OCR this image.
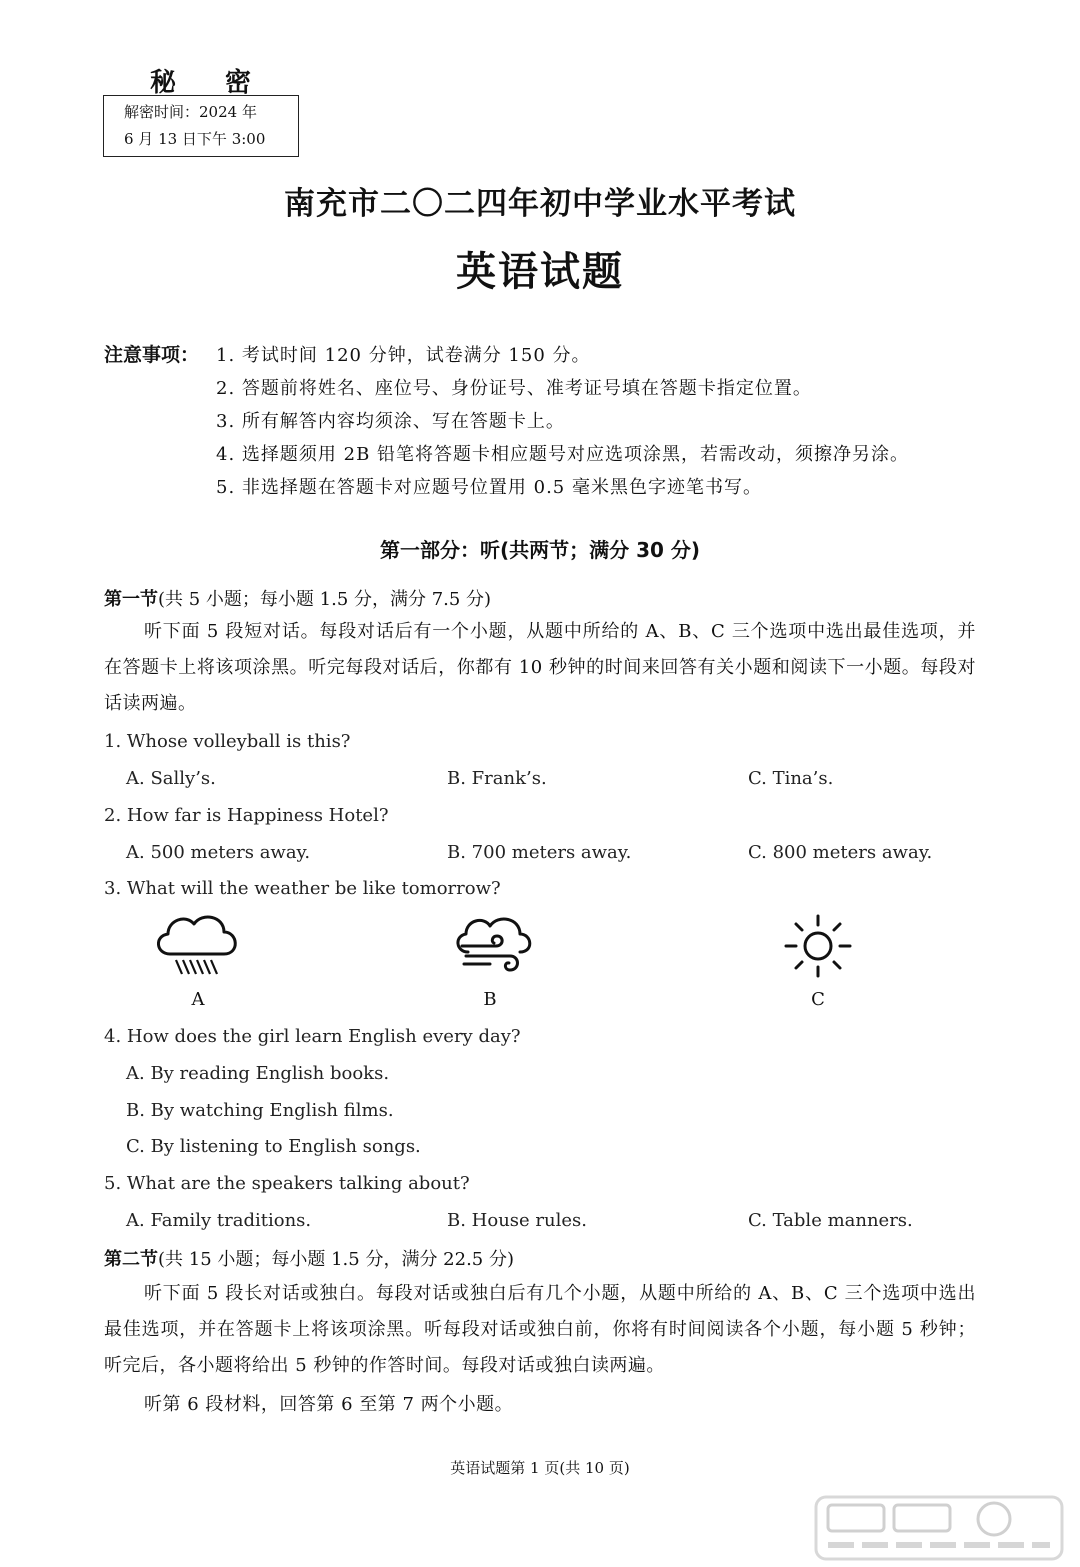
秘 密
解密时间：2024 年
6 月 13 日下午 3:00
南充市二〇二四年初中学业水平考试
英语试题
注意事项： 1. 考试时间 120 分钟，试卷满分 150 分。
2. 答题前将姓名、座位号、身份证号、准考证号填在答题卡指定位置。
3. 所有解答内容均须涂、写在答题卡上。
4. 选择题须用 2B 铅笔将答题卡相应题号对应选项涂黑，若需改动，须擦净另涂。
5. 非选择题在答题卡对应题号位置用 0.5 毫米黑色字迹笔书写。
第一部分：听(共两节；满分 30 分)
第一节(共 5 小题；每小题 1.5 分，满分 7.5 分)
听下面 5 段短对话。每段对话后有一个小题，从题中所给的 A、B、C 三个选项中选出最佳选项，并在答题卡上将该项涂黑。听完每段对话后，你都有 10 秒钟的时间来回答有关小题和阅读下一小题。每段对话读两遍。
1. Whose volleyball is this?
A. Sally’s.	B. Frank’s.	C. Tina’s.
2. How far is Happiness Hotel?
A. 500 meters away.	B. 700 meters away.	C. 800 meters away.
3. What will the weather be like tomorrow?
A	B	C
4. How does the girl learn English every day?
A. By reading English books.
B. By watching English films.
C. By listening to English songs.
5. What are the speakers talking about?
A. Family traditions.	B. House rules.	C. Table manners.
第二节(共 15 小题；每小题 1.5 分，满分 22.5 分)
听下面 5 段长对话或独白。每段对话或独白后有几个小题，从题中所给的 A、B、C 三个选项中选出最佳选项，并在答题卡上将该项涂黑。听每段对话或独白前，你将有时间阅读各个小题，每小题 5 秒钟；听完后，各小题将给出 5 秒钟的作答时间。每段对话或独白读两遍。
听第 6 段材料，回答第 6 至第 7 两个小题。
英语试题第 1 页(共 10 页)
